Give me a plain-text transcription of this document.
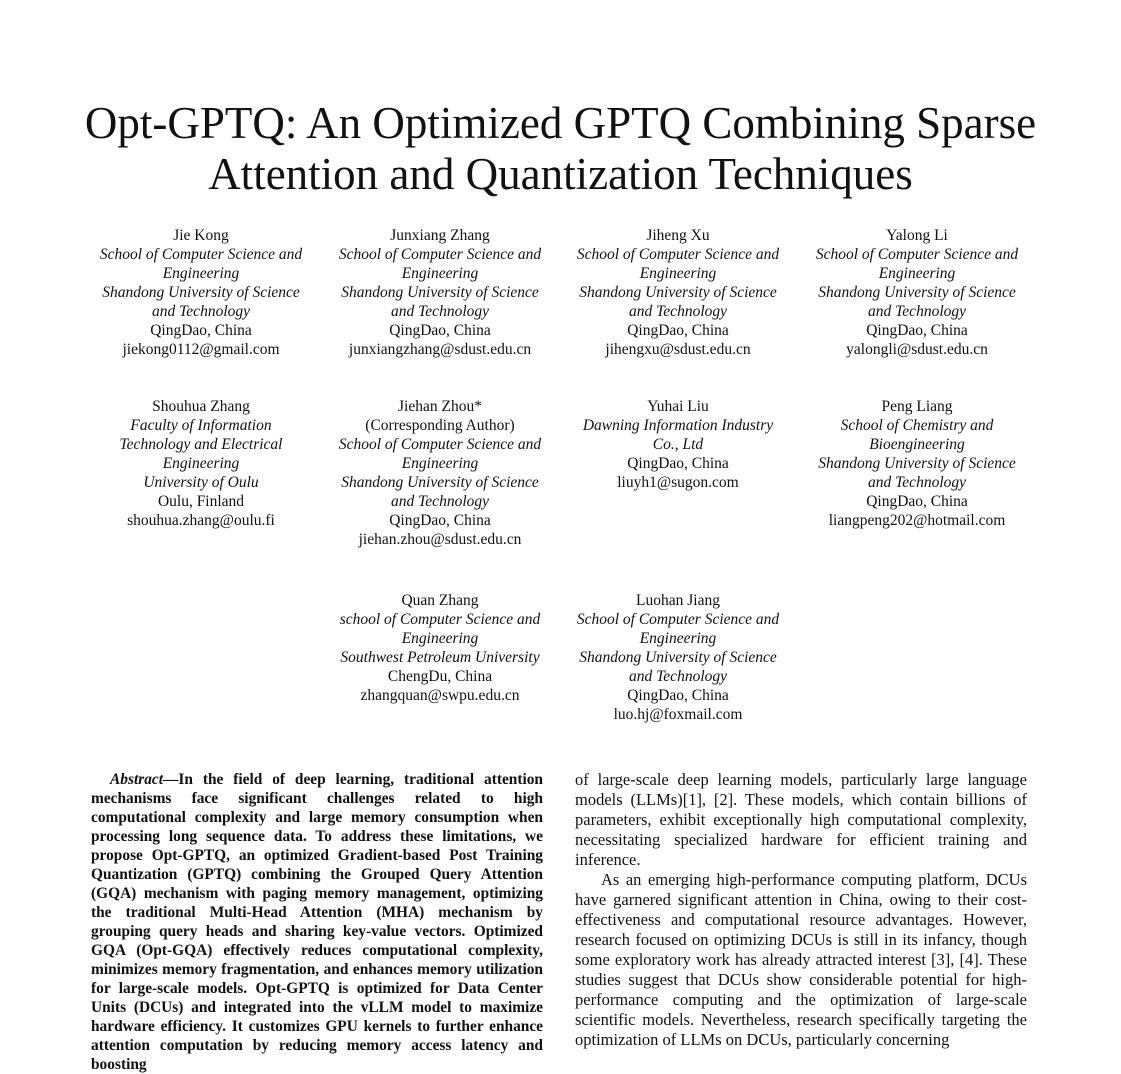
Opt-GPTQ: An Optimized GPTQ Combining Sparse
Attention and Quantization Techniques
Jie Kong
School of Computer Science and
Engineering
Shandong University of Science
and Technology
QingDao, China
jiekong0112@gmail.com
Junxiang Zhang
School of Computer Science and
Engineering
Shandong University of Science
and Technology
QingDao, China
junxiangzhang@sdust.edu.cn
Jiheng Xu
School of Computer Science and
Engineering
Shandong University of Science
and Technology
QingDao, China
jihengxu@sdust.edu.cn
Yalong Li
School of Computer Science and
Engineering
Shandong University of Science
and Technology
QingDao, China
yalongli@sdust.edu.cn
Shouhua Zhang
Faculty of Information
Technology and Electrical
Engineering
University of Oulu
Oulu, Finland
shouhua.zhang@oulu.fi
Jiehan Zhou*
(Corresponding Author)
School of Computer Science and
Engineering
Shandong University of Science
and Technology
QingDao, China
jiehan.zhou@sdust.edu.cn
Yuhai Liu
Dawning Information Industry
Co., Ltd
QingDao, China
liuyh1@sugon.com
Peng Liang
School of Chemistry and
Bioengineering
Shandong University of Science
and Technology
QingDao, China
liangpeng202@hotmail.com
Quan Zhang
school of Computer Science and
Engineering
Southwest Petroleum University
ChengDu, China
zhangquan@swpu.edu.cn
Luohan Jiang
School of Computer Science and
Engineering
Shandong University of Science
and Technology
QingDao, China
luo.hj@foxmail.com

Abstract—In the field of deep learning, traditional attention mechanisms face significant challenges related to high computational complexity and large memory consumption when processing long sequence data. To address these limitations, we propose Opt-GPTQ, an optimized Gradient-based Post Training Quantization (GPTQ) combining the Grouped Query Attention (GQA) mechanism with paging memory management, optimizing the traditional Multi-Head Attention (MHA) mechanism by grouping query heads and sharing key-value vectors. Optimized GQA (Opt-GQA) effectively reduces computational complexity, minimizes memory fragmentation, and enhances memory utilization for large-scale models. Opt-GPTQ is optimized for Data Center Units (DCUs) and integrated into the vLLM model to maximize hardware efficiency. It customizes GPU kernels to further enhance attention computation by reducing memory access latency and boosting

of large-scale deep learning models, particularly large language models (LLMs)[1], [2]. These models, which contain billions of parameters, exhibit exceptionally high computational complexity, necessitating specialized hardware for efficient training and inference.

As an emerging high-performance computing platform, DCUs have garnered significant attention in China, owing to their cost-effectiveness and computational resource advantages. However, research focused on optimizing DCUs is still in its infancy, though some exploratory work has already attracted interest [3], [4]. These studies suggest that DCUs show considerable potential for high-performance computing and the optimization of large-scale scientific models. Nevertheless, research specifically targeting the optimization of LLMs on DCUs, particularly concerning
